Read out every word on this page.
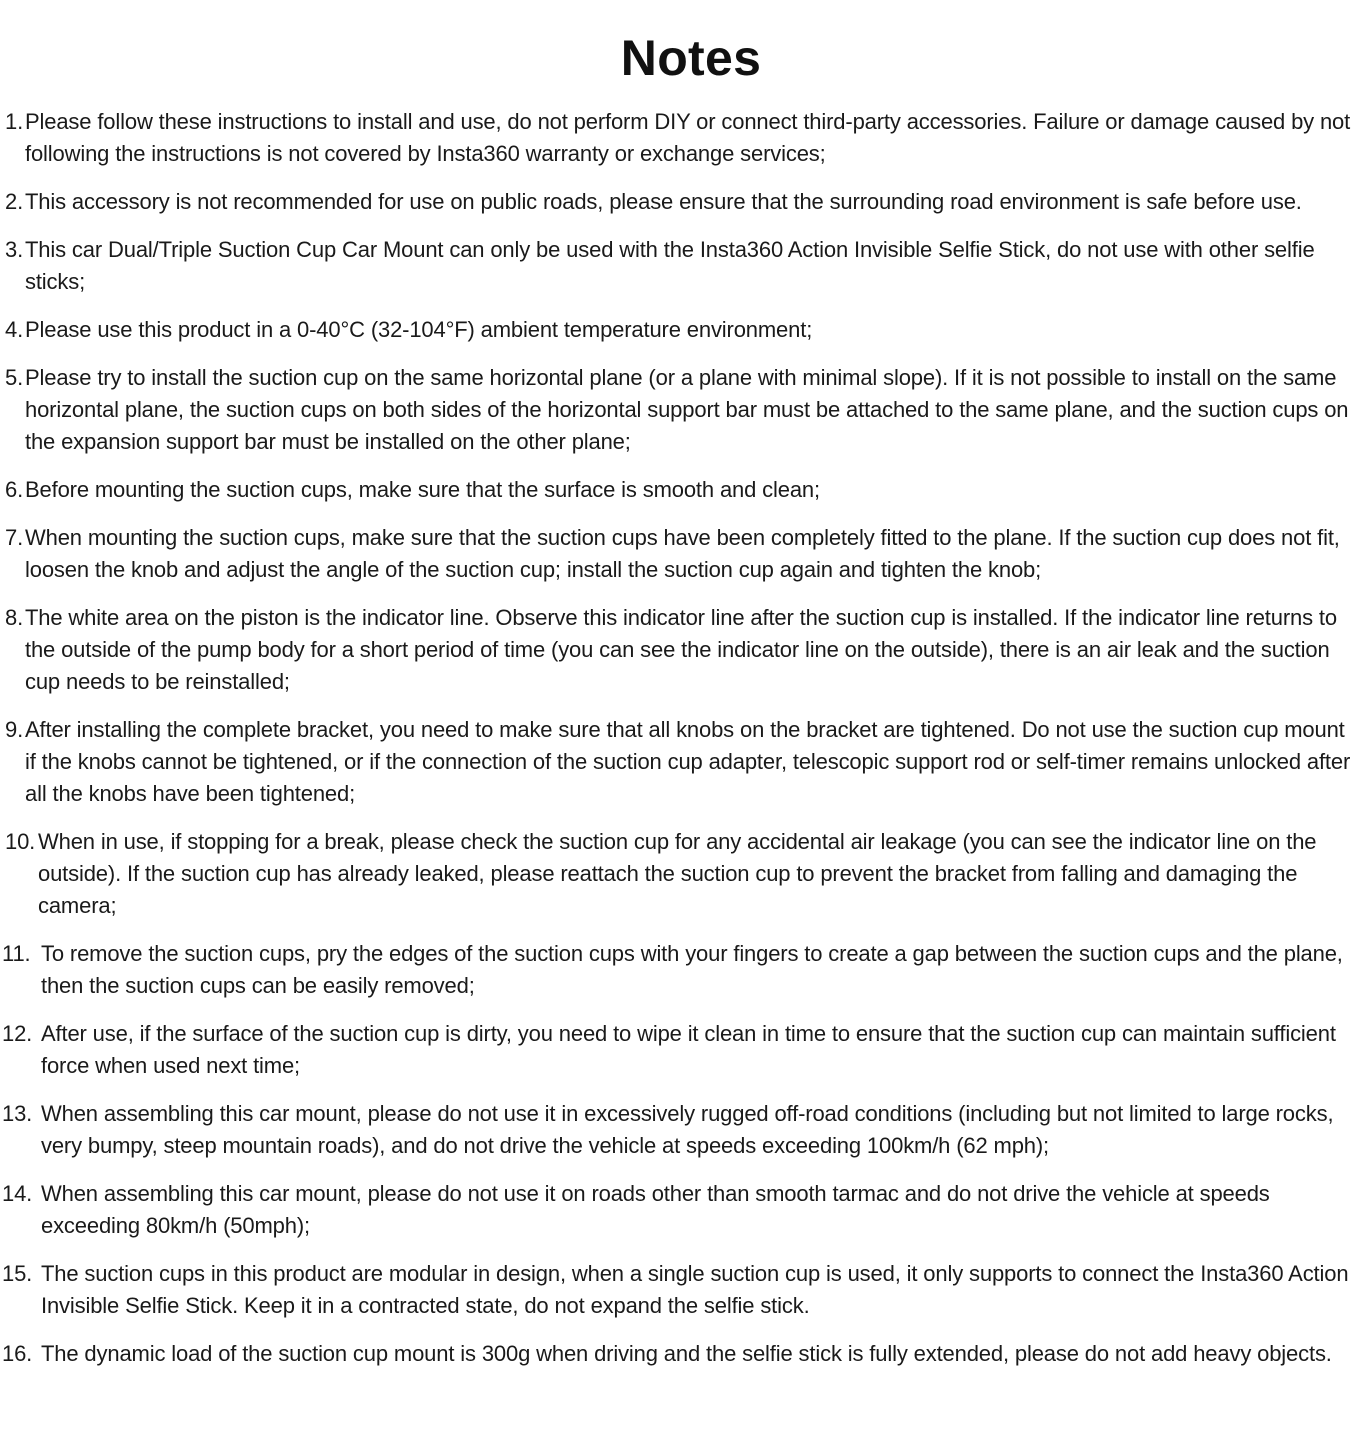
Notes
1. Please follow these instructions to install and use, do not perform DIY or connect third-party accessories. Failure or damage caused by not following the instructions is not covered by Insta360 warranty or exchange services;
2. This accessory is not recommended for use on public roads, please ensure that the surrounding road environment is safe before use.
3. This car Dual/Triple Suction Cup Car Mount can only be used with the Insta360 Action Invisible Selfie Stick, do not use with other selfie sticks;
4. Please use this product in a 0-40°C (32-104°F) ambient temperature environment;
5. Please try to install the suction cup on the same horizontal plane (or a plane with minimal slope). If it is not possible to install on the same horizontal plane, the suction cups on both sides of the horizontal support bar must be attached to the same plane, and the suction cups on the expansion support bar must be installed on the other plane;
6. Before mounting the suction cups, make sure that the surface is smooth and clean;
7. When mounting the suction cups, make sure that the suction cups have been completely fitted to the plane. If the suction cup does not fit, loosen the knob and adjust the angle of the suction cup; install the suction cup again and tighten the knob;
8. The white area on the piston is the indicator line. Observe this indicator line after the suction cup is installed. If the indicator line returns to the outside of the pump body for a short period of time (you can see the indicator line on the outside), there is an air leak and the suction cup needs to be reinstalled;
9. After installing the complete bracket, you need to make sure that all knobs on the bracket are tightened. Do not use the suction cup mount if the knobs cannot be tightened, or if the connection of the suction cup adapter, telescopic support rod or self-timer remains unlocked after all the knobs have been tightened;
10. When in use, if stopping for a break, please check the suction cup for any accidental air leakage (you can see the indicator line on the outside). If the suction cup has already leaked, please reattach the suction cup to prevent the bracket from falling and damaging the camera;
11. To remove the suction cups, pry the edges of the suction cups with your fingers to create a gap between the suction cups and the plane, then the suction cups can be easily removed;
12. After use, if the surface of the suction cup is dirty, you need to wipe it clean in time to ensure that the suction cup can maintain sufficient force when used next time;
13. When assembling this car mount, please do not use it in excessively rugged off-road conditions (including but not limited to large rocks, very bumpy, steep mountain roads), and do not drive the vehicle at speeds exceeding 100km/h (62 mph);
14. When assembling this car mount, please do not use it on roads other than smooth tarmac and do not drive the vehicle at speeds exceeding 80km/h (50mph);
15. The suction cups in this product are modular in design, when a single suction cup is used, it only supports to connect the Insta360 Action Invisible Selfie Stick. Keep it in a contracted state, do not expand the selfie stick.
16. The dynamic load of the suction cup mount is 300g when driving and the selfie stick is fully extended, please do not add heavy objects.
